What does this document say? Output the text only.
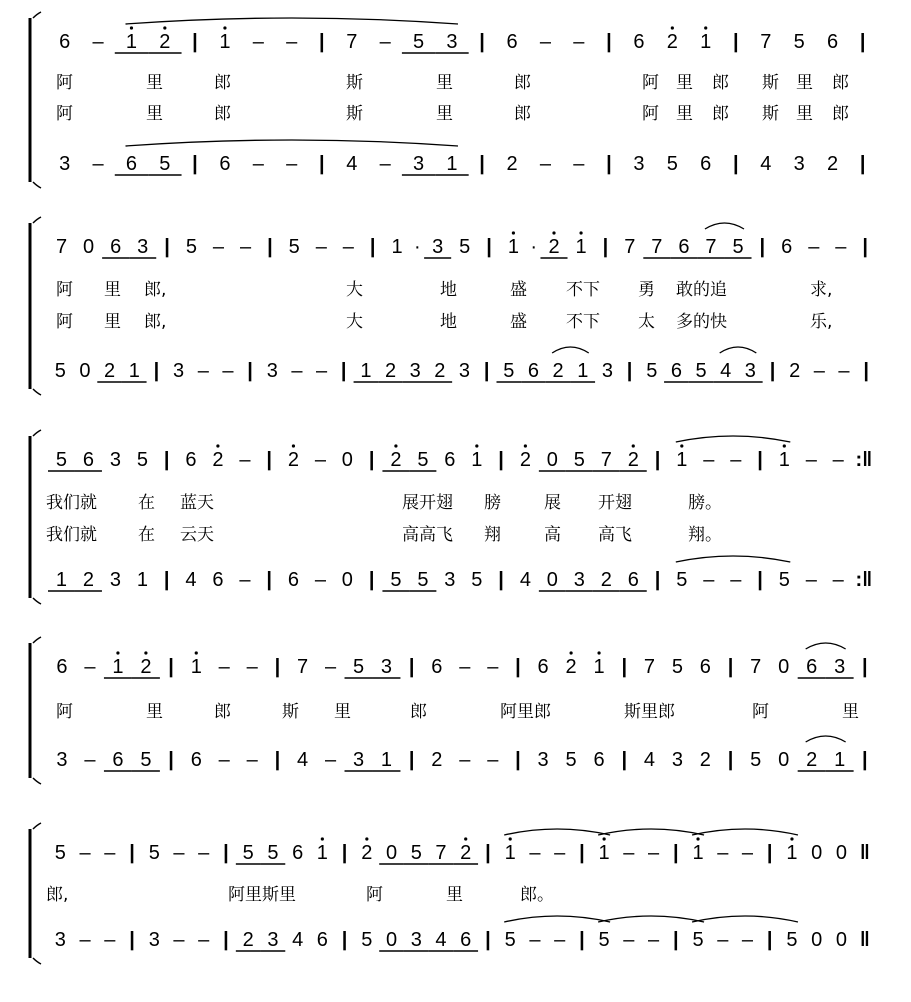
6 – 1 2 | 1 – – | 7 – 5 3 | 6 – – | 6 2 1 | 7 5 6 |
阿	里	郎	斯	里	郎	阿 里 郎 斯 里 郎
阿	里	郎	斯	里	郎	阿 里 郎 斯 里 郎
3 – 6 5 | 6 – – | 4 – 3 1 | 2 – – | 3 5 6 | 4 3 2 |
7 0 6 3 | 5 – – | 5 – – | 1 · 3 5 | 1 · 2 1 | 7 7 6 7 5 | 6 – – |
阿 里 郎,	大	地	盛 不下 勇 敢的追	求,
阿 里 郎,	大	地	盛 不下 太 多的快	乐,
5 0 2 1 | 3 – – | 3 – – | 1 2 3 2 3 | 5 6 2 1 3 | 5 6 5 4 3 | 2 – – |
5 6 3 5 | 6 2 – | 2 – 0 | 2 5 6 1 | 2 0 5 7 2 | 1 – – | 1 – – :‖
我们就 在 蓝天	展开翅 膀	展 开翅	膀。
我们就 在 云天	高高飞 翔	高 高飞	翔。
1 2 3 1 | 4 6 – | 6 – 0 | 5 5 3 5 | 4 0 3 2 6 | 5 – – | 5 – – :‖
6 – 1 2 | 1 – – | 7 – 5 3 | 6 – – | 6 2 1 | 7 5 6 | 7 0 6 3 |
阿	里	郎	斯 里	郎	阿里郎	斯里郎	阿	里
3 – 6 5 | 6 – – | 4 – 3 1 | 2 – – | 3 5 6 | 4 3 2 | 5 0 2 1 |
5 – – | 5 – – | 5 5 6 1 | 2 0 5 7 2 | 1 – – | 1 – – | 1 – – | 1 0 0 ‖
郎,	阿里斯里	阿	里	郎。
3 – – | 3 – – | 2 3 4 6 | 5 0 3 4 6 | 5 – – | 5 – – | 5 – – | 5 0 0 ‖
